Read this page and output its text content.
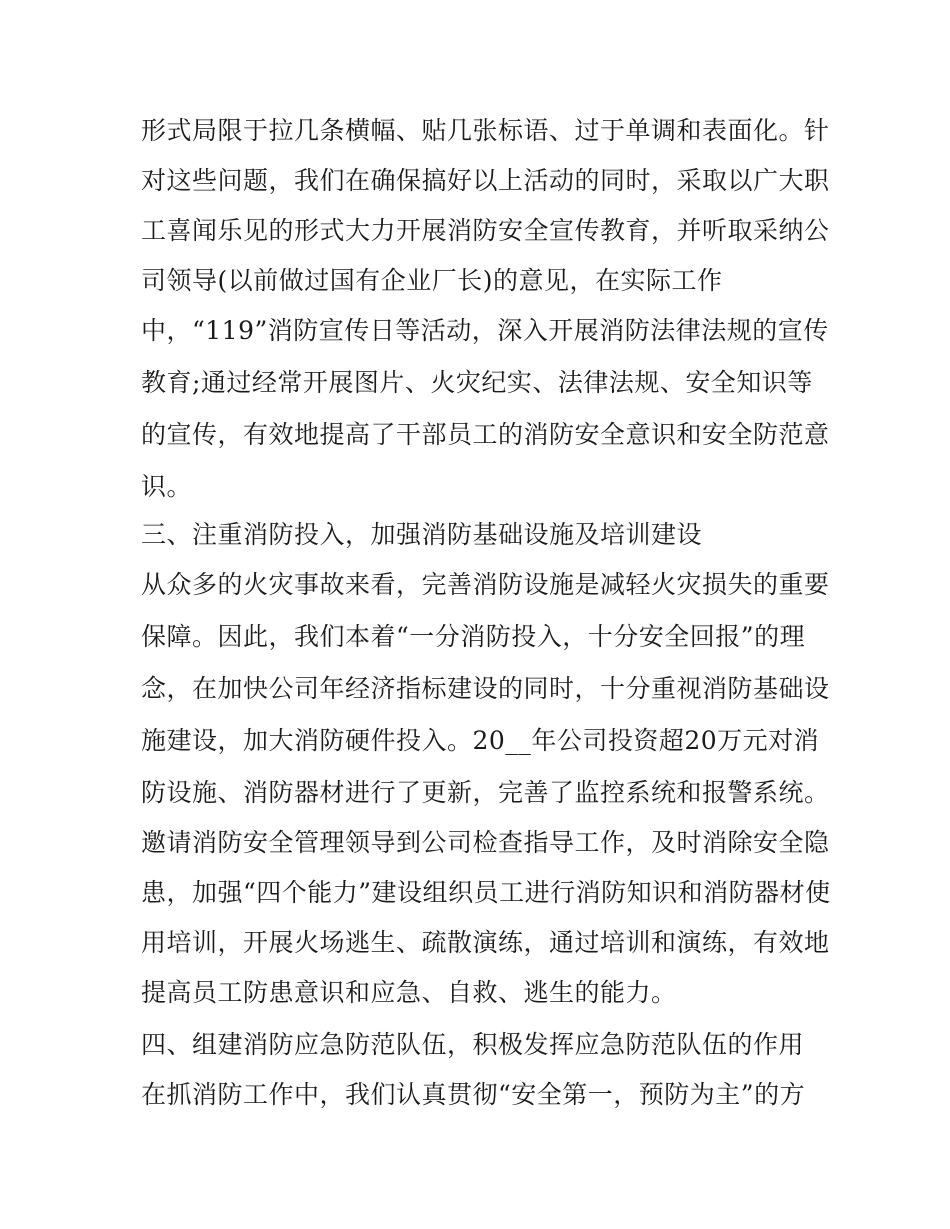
形式局限于拉几条横幅、贴几张标语、过于单调和表面化。针
对这些问题，我们在确保搞好以上活动的同时，采取以广大职
工喜闻乐见的形式大力开展消防安全宣传教育，并听取采纳公
司领导(以前做过国有企业厂长)的意见，在实际工作
中，“119”消防宣传日等活动，深入开展消防法律法规的宣传
教育;通过经常开展图片、火灾纪实、法律法规、安全知识等
的宣传，有效地提高了干部员工的消防安全意识和安全防范意
识。
三、注重消防投入，加强消防基础设施及培训建设
从众多的火灾事故来看，完善消防设施是减轻火灾损失的重要
保障。因此，我们本着“一分消防投入，十分安全回报”的理
念，在加快公司年经济指标建设的同时，十分重视消防基础设
施建设，加大消防硬件投入。20__年公司投资超20万元对消
防设施、消防器材进行了更新，完善了监控系统和报警系统。
邀请消防安全管理领导到公司检查指导工作，及时消除安全隐
患，加强“四个能力”建设组织员工进行消防知识和消防器材使
用培训，开展火场逃生、疏散演练，通过培训和演练，有效地
提高员工防患意识和应急、自救、逃生的能力。
四、组建消防应急防范队伍，积极发挥应急防范队伍的作用
在抓消防工作中，我们认真贯彻“安全第一，预防为主”的方
